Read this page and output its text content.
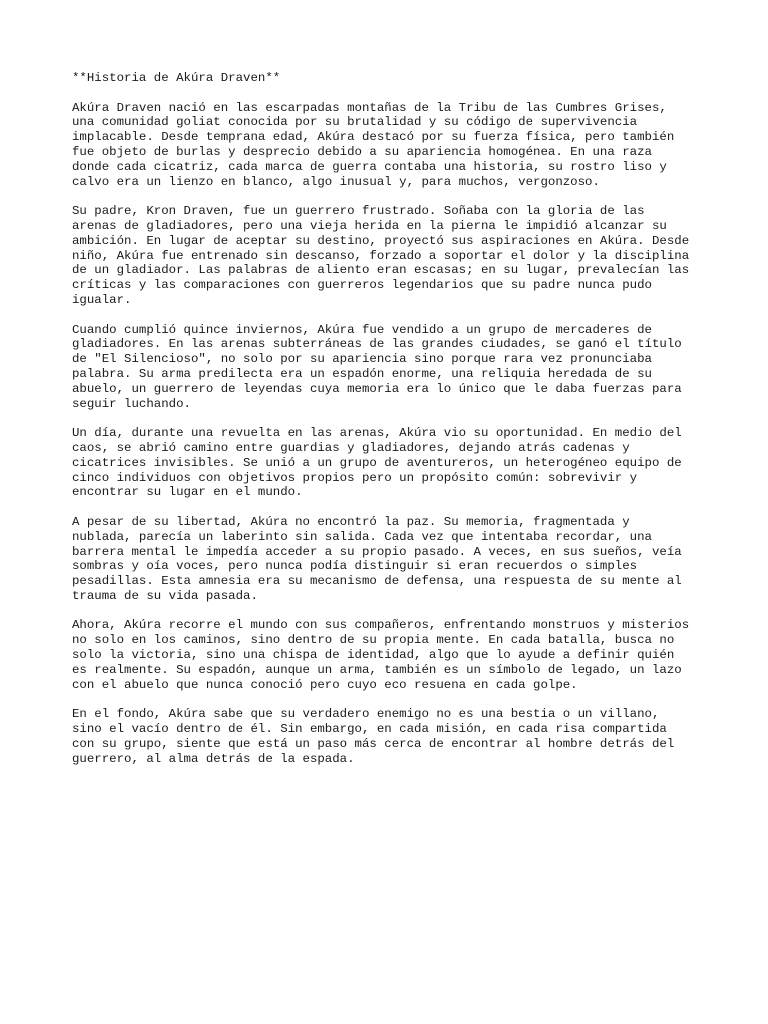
**Historia de Akúra Draven**
Akúra Draven nació en las escarpadas montañas de la Tribu de las Cumbres Grises,
una comunidad goliat conocida por su brutalidad y su código de supervivencia
implacable. Desde temprana edad, Akúra destacó por su fuerza física, pero también
fue objeto de burlas y desprecio debido a su apariencia homogénea. En una raza
donde cada cicatriz, cada marca de guerra contaba una historia, su rostro liso y
calvo era un lienzo en blanco, algo inusual y, para muchos, vergonzoso.
Su padre, Kron Draven, fue un guerrero frustrado. Soñaba con la gloria de las
arenas de gladiadores, pero una vieja herida en la pierna le impidió alcanzar su
ambición. En lugar de aceptar su destino, proyectó sus aspiraciones en Akúra. Desde
niño, Akúra fue entrenado sin descanso, forzado a soportar el dolor y la disciplina
de un gladiador. Las palabras de aliento eran escasas; en su lugar, prevalecían las
críticas y las comparaciones con guerreros legendarios que su padre nunca pudo
igualar.
Cuando cumplió quince inviernos, Akúra fue vendido a un grupo de mercaderes de
gladiadores. En las arenas subterráneas de las grandes ciudades, se ganó el título
de "El Silencioso", no solo por su apariencia sino porque rara vez pronunciaba
palabra. Su arma predilecta era un espadón enorme, una reliquia heredada de su
abuelo, un guerrero de leyendas cuya memoria era lo único que le daba fuerzas para
seguir luchando.
Un día, durante una revuelta en las arenas, Akúra vio su oportunidad. En medio del
caos, se abrió camino entre guardias y gladiadores, dejando atrás cadenas y
cicatrices invisibles. Se unió a un grupo de aventureros, un heterogéneo equipo de
cinco individuos con objetivos propios pero un propósito común: sobrevivir y
encontrar su lugar en el mundo.
A pesar de su libertad, Akúra no encontró la paz. Su memoria, fragmentada y
nublada, parecía un laberinto sin salida. Cada vez que intentaba recordar, una
barrera mental le impedía acceder a su propio pasado. A veces, en sus sueños, veía
sombras y oía voces, pero nunca podía distinguir si eran recuerdos o simples
pesadillas. Esta amnesia era su mecanismo de defensa, una respuesta de su mente al
trauma de su vida pasada.
Ahora, Akúra recorre el mundo con sus compañeros, enfrentando monstruos y misterios
no solo en los caminos, sino dentro de su propia mente. En cada batalla, busca no
solo la victoria, sino una chispa de identidad, algo que lo ayude a definir quién
es realmente. Su espadón, aunque un arma, también es un símbolo de legado, un lazo
con el abuelo que nunca conoció pero cuyo eco resuena en cada golpe.
En el fondo, Akúra sabe que su verdadero enemigo no es una bestia o un villano,
sino el vacío dentro de él. Sin embargo, en cada misión, en cada risa compartida
con su grupo, siente que está un paso más cerca de encontrar al hombre detrás del
guerrero, al alma detrás de la espada.
